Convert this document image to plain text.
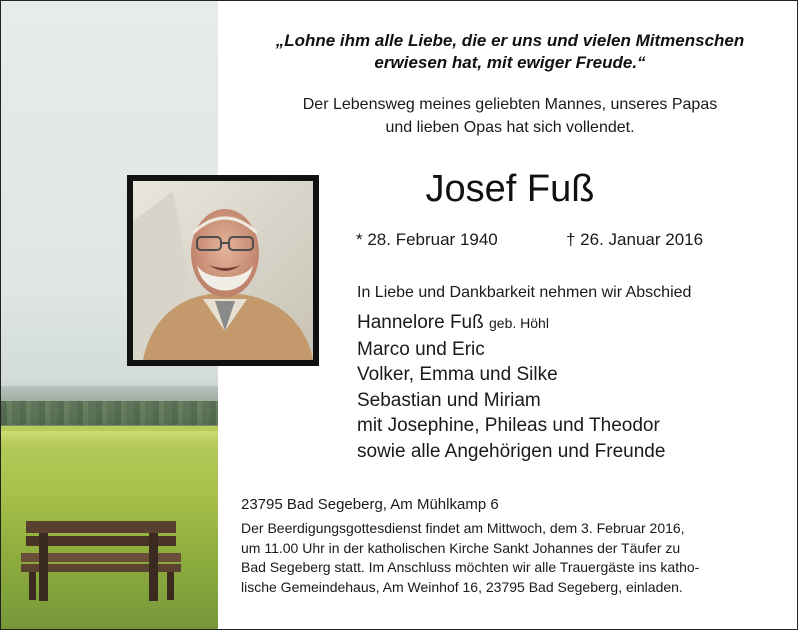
„Lohne ihm alle Liebe, die er uns und vielen Mitmenschen
erwiesen hat, mit ewiger Freude.“
Der Lebensweg meines geliebten Mannes, unseres Papas
und lieben Opas hat sich vollendet.
Josef Fuß
* 28. Februar 1940	† 26. Januar 2016
In Liebe und Dankbarkeit nehmen wir Abschied
Hannelore Fuß geb. Höhl
Marco und Eric
Volker, Emma und Silke
Sebastian und Miriam
mit Josephine, Phileas und Theodor
sowie alle Angehörigen und Freunde
23795 Bad Segeberg, Am Mühlkamp 6
Der Beerdigungsgottesdienst findet am Mittwoch, dem 3. Februar 2016,
um 11.00 Uhr in der katholischen Kirche Sankt Johannes der Täufer zu
Bad Segeberg statt. Im Anschluss möchten wir alle Trauergäste ins katho-
lische Gemeindehaus, Am Weinhof 16, 23795 Bad Segeberg, einladen.
